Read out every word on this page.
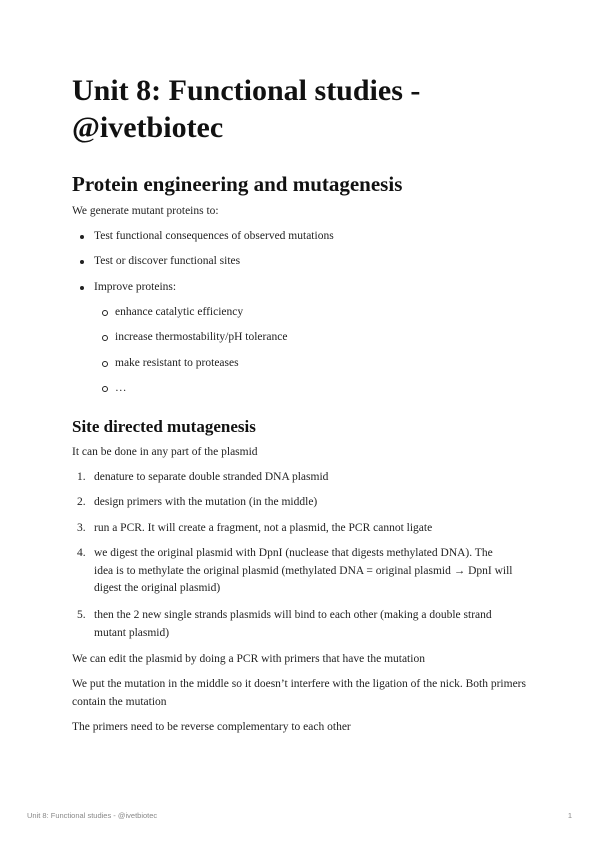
Unit 8: Functional studies - @ivetbiotec
Protein engineering and mutagenesis

We generate mutant proteins to:

Test functional consequences of observed mutations
Test or discover functional sites
Improve proteins:
enhance catalytic efficiency
increase thermostability/pH tolerance
make resistant to proteases
…
Site directed mutagenesis

It can be done in any part of the plasmid

1. denature to separate double stranded DNA plasmid
2. design primers with the mutation (in the middle)
3. run a PCR. It will create a fragment, not a plasmid, the PCR cannot ligate
4. we digest the original plasmid with DpnI (nuclease that digests methylated DNA). The idea is to methylate the original plasmid (methylated DNA = original plasmid → DpnI will digest the original plasmid)
5. then the 2 new single strands plasmids will bind to each other (making a double strand mutant plasmid)

We can edit the plasmid by doing a PCR with primers that have the mutation

We put the mutation in the middle so it doesn’t interfere with the ligation of the nick. Both primers contain the mutation

The primers need to be reverse complementary to each other

Unit 8: Functional studies - @ivetbiotec	1
